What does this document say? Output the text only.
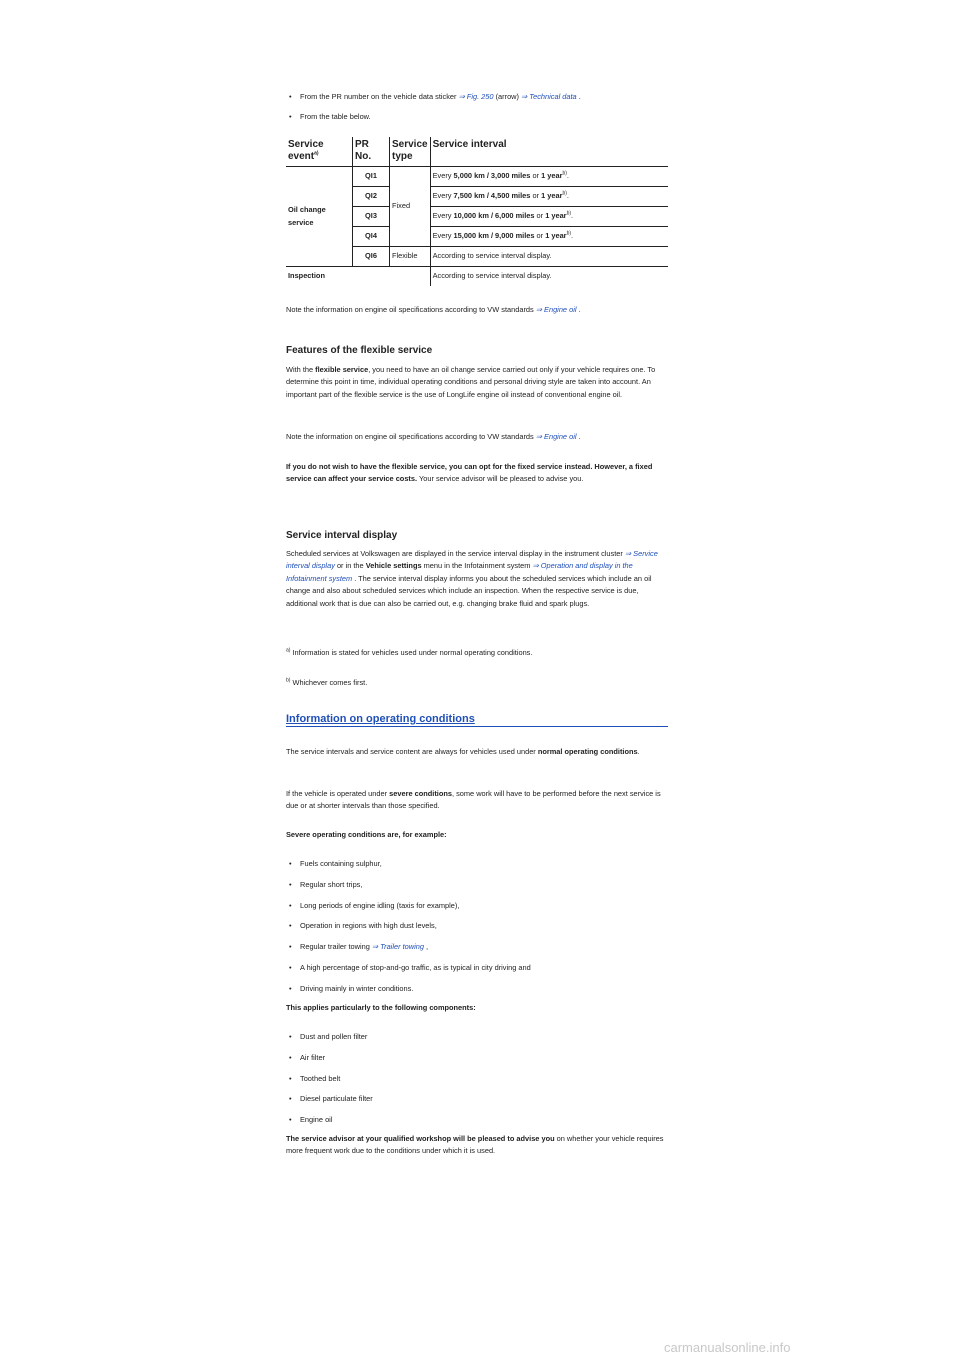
• From the PR number on the vehicle data sticker ⇒ Fig. 250 (arrow) ⇒ Technical data .
• From the table below.
Service event$^{a)}$	PR No.	Service type	Service interval
Oil change service	QI1	Fixed	Every 5,000 km / 3,000 miles or 1 year$^{b)}$.
	QI2		Every 7,500 km / 4,500 miles or 1 year$^{b)}$.
	QI3		Every 10,000 km / 6,000 miles or 1 year$^{b)}$.
	QI4		Every 15,000 km / 9,000 miles or 1 year$^{b)}$.
	QI6	Flexible	According to service interval display.
Inspection			According to service interval display.

Note the information on engine oil specifications according to VW standards ⇒ Engine oil .

Features of the flexible service

With the flexible service, you need to have an oil change service carried out only if your vehicle requires one. To determine this point in time, individual operating conditions and personal driving style are taken into account. An important part of the flexible service is the use of LongLife engine oil instead of conventional engine oil.

Note the information on engine oil specifications according to VW standards ⇒ Engine oil .

If you do not wish to have the flexible service, you can opt for the fixed service instead. However, a fixed service can affect your service costs. Your service advisor will be pleased to advise you.

Service interval display

Scheduled services at Volkswagen are displayed in the service interval display in the instrument cluster ⇒ Service interval display or in the Vehicle settings menu in the Infotainment system ⇒ Operation and display in the Infotainment system . The service interval display informs you about the scheduled services which include an oil change and also about scheduled services which include an inspection. When the respective service is due, additional work that is due can also be carried out, e.g. changing brake fluid and spark plugs.

$^{a)}$ Information is stated for vehicles used under normal operating conditions.

$^{b)}$ Whichever comes first.

Information on operating conditions

The service intervals and service content are always for vehicles used under normal operating conditions.

If the vehicle is operated under severe conditions, some work will have to be performed before the next service is due or at shorter intervals than those specified.

Severe operating conditions are, for example:

• Fuels containing sulphur,
• Regular short trips,
• Long periods of engine idling (taxis for example),
• Operation in regions with high dust levels,
• Regular trailer towing ⇒ Trailer towing ,
• A high percentage of stop-and-go traffic, as is typical in city driving and
• Driving mainly in winter conditions.

This applies particularly to the following components:

• Dust and pollen filter
• Air filter
• Toothed belt
• Diesel particulate filter
• Engine oil

The service advisor at your qualified workshop will be pleased to advise you on whether your vehicle requires more frequent work due to the conditions under which it is used.

carmanualsonline.info
